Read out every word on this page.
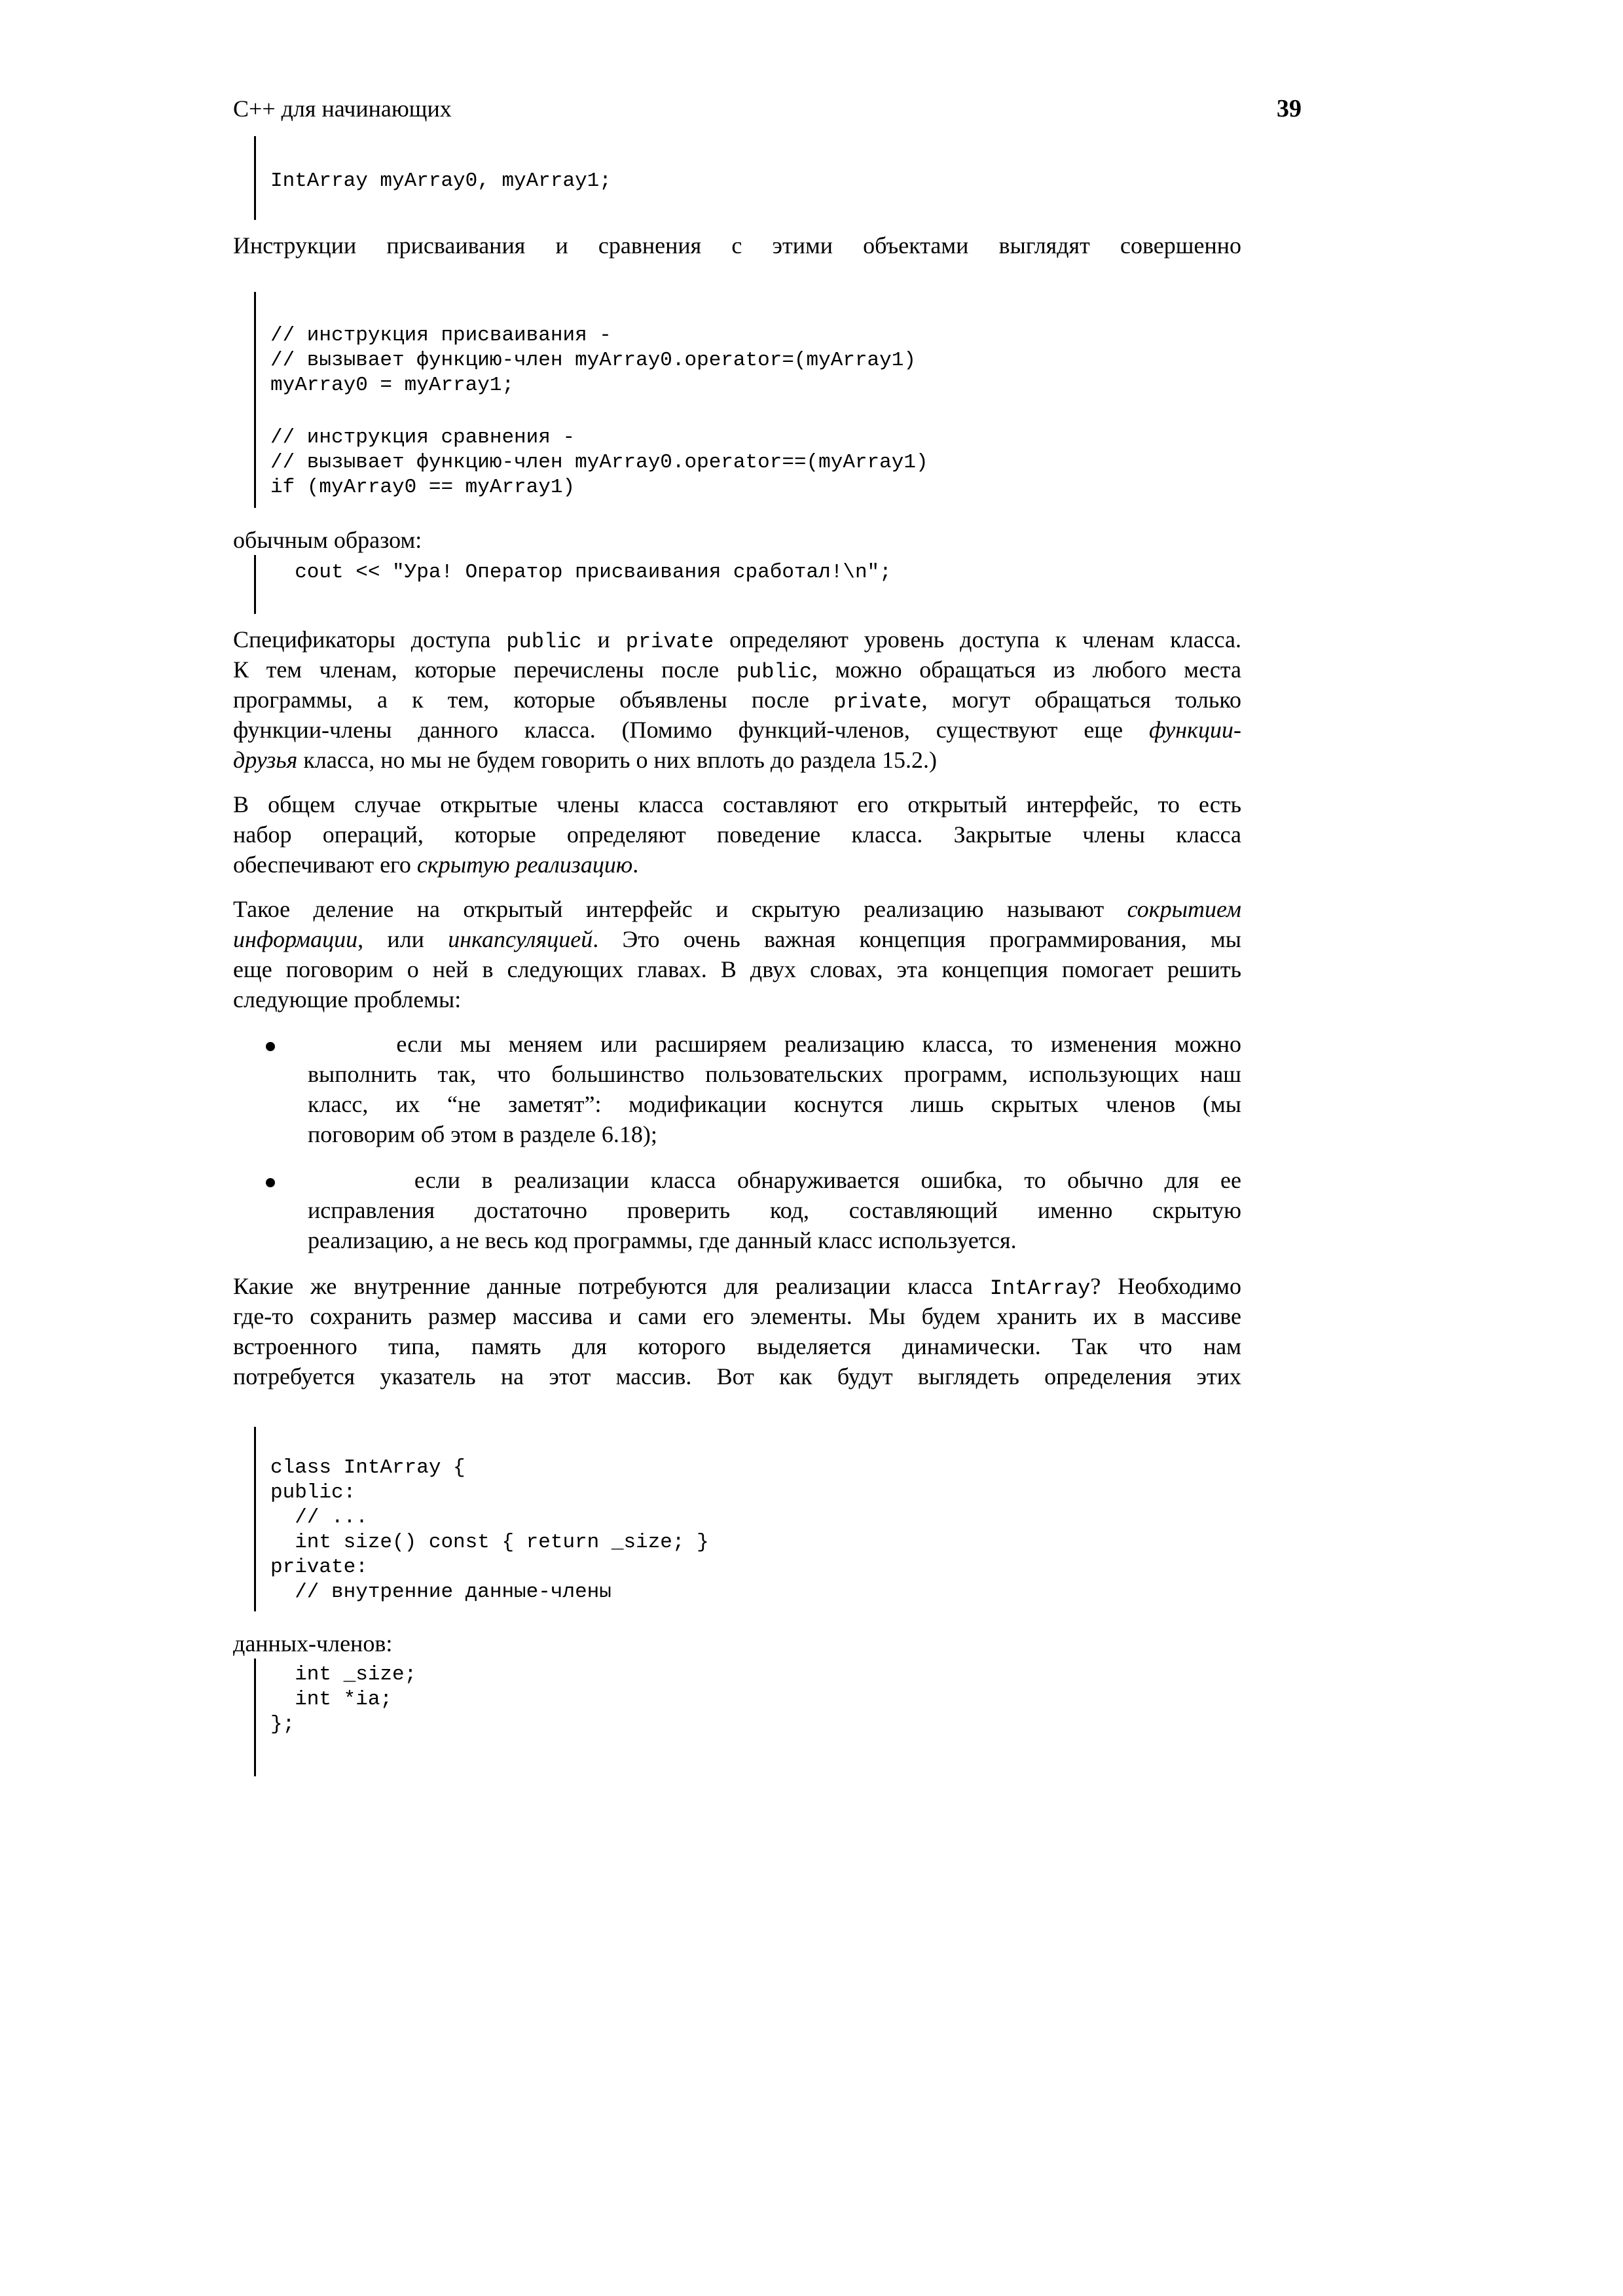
C++ для начинающих	39
IntArray myArray0, myArray1;
Инструкции присваивания и сравнения с этими объектами выглядят совершенно
// инструкция присваивания -
// вызывает функцию-член myArray0.operator=(myArray1)
myArray0 = myArray1;
// инструкция сравнения -
// вызывает функцию-член myArray0.operator==(myArray1)
if (myArray0 == myArray1)
обычным образом:
cout << "Ура! Оператор присваивания сработал!\n";
Спецификаторы доступа public и private определяют уровень доступа к членам класса.
К тем членам, которые перечислены после public, можно обращаться из любого места
программы, а к тем, которые объявлены после private, могут обращаться только
функции-члены данного класса. (Помимо функций-членов, существуют еще функции-
друзья класса, но мы не будем говорить о них вплоть до раздела 15.2.)
В общем случае открытые члены класса составляют его открытый интерфейс, то есть
набор операций, которые определяют поведение класса. Закрытые члены класса
обеспечивают его скрытую реализацию.
Такое деление на открытый интерфейс и скрытую реализацию называют сокрытием
информации, или инкапсуляцией. Это очень важная концепция программирования, мы
еще поговорим о ней в следующих главах. В двух словах, эта концепция помогает решить
следующие проблемы:
если мы меняем или расширяем реализацию класса, то изменения можно
выполнить так, что большинство пользовательских программ, использующих наш
класс, их “не заметят”: модификации коснутся лишь скрытых членов (мы
поговорим об этом в разделе 6.18);
если в реализации класса обнаруживается ошибка, то обычно для ее
исправления достаточно проверить код, составляющий именно скрытую
реализацию, а не весь код программы, где данный класс используется.
Какие же внутренние данные потребуются для реализации класса IntArray? Необходимо
где-то сохранить размер массива и сами его элементы. Мы будем хранить их в массиве
встроенного типа, память для которого выделяется динамически. Так что нам
потребуется указатель на этот массив. Вот как будут выглядеть определения этих
class IntArray {
public:
// ...
int size() const { return _size; }
private:
// внутренние данные-члены
данных-членов:
int _size;
int *ia;
};
